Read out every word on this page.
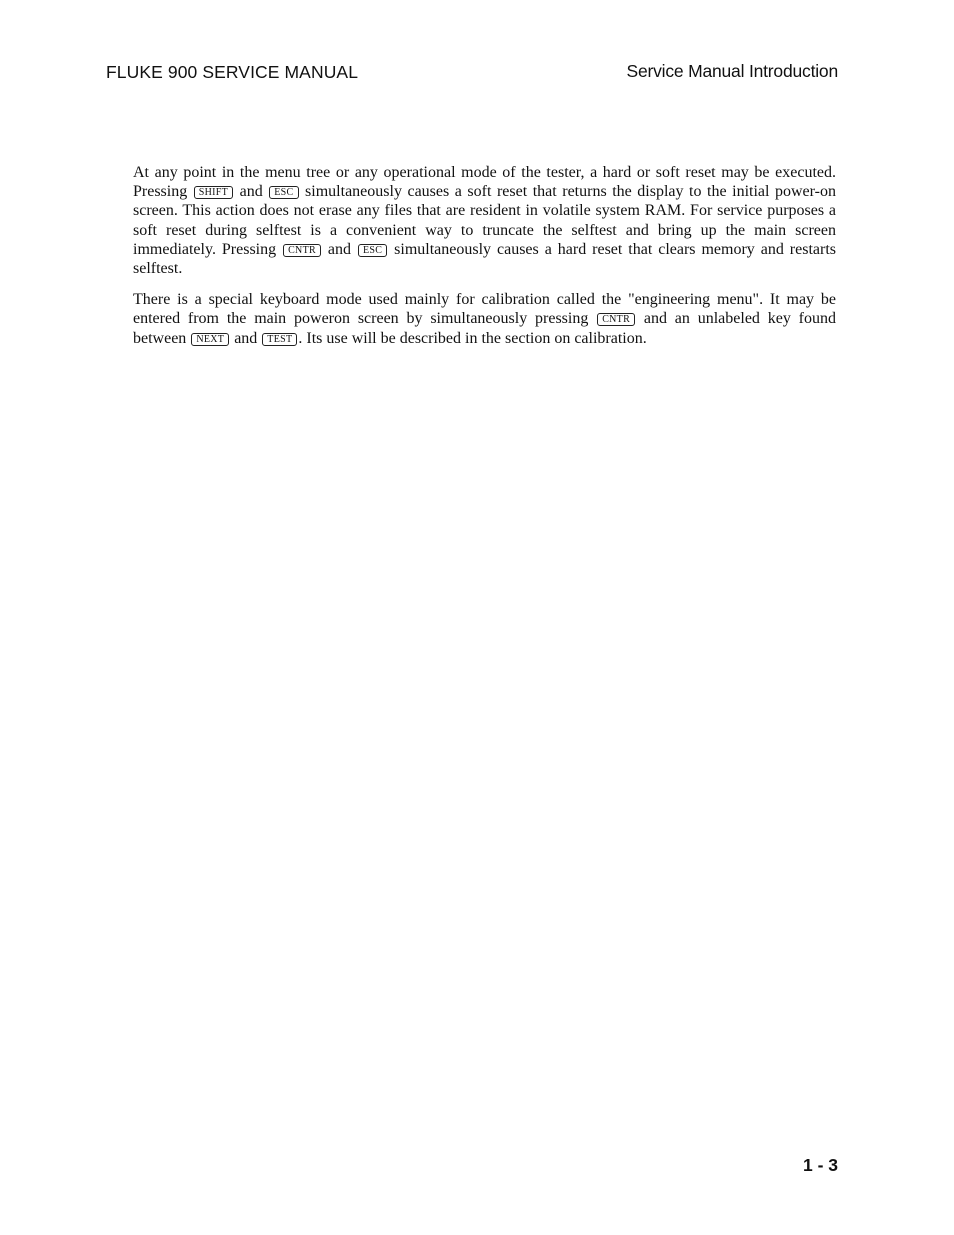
FLUKE 900 SERVICE MANUAL	Service Manual Introduction

At any point in the menu tree or any operational mode of the tester, a hard or soft reset may be executed. Pressing SHIFT and ESC simultaneously causes a soft reset that returns the display to the initial power-on screen. This action does not erase any files that are resident in volatile system RAM. For service purposes a soft reset during selftest is a convenient way to truncate the selftest and bring up the main screen immediately. Pressing CNTR and ESC simultaneously causes a hard reset that clears memory and restarts selftest.

There is a special keyboard mode used mainly for calibration called the "engineering menu". It may be entered from the main poweron screen by simultaneously pressing CNTR and an unlabeled key found between NEXT and TEST . Its use will be described in the section on calibration.

1 - 3
